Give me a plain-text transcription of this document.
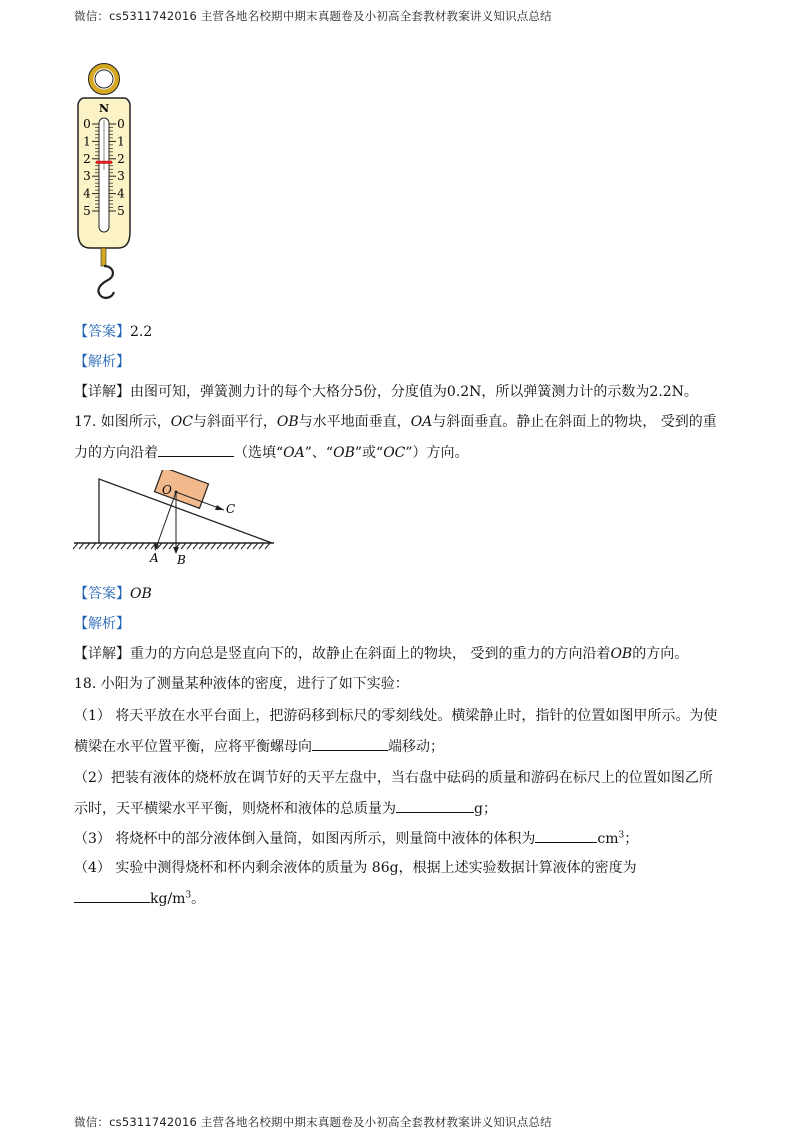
微信：cs5311742016 主营各地名校期中期末真题卷及小初高全套教材教案讲义知识点总结
N
0
1
2
3
4
5
0
1
2
3
4
5
【答案】2.2
【解析】
【详解】由图可知，弹簧测力计的每个大格分5份，分度值为0.2N，所以弹簧测力计的示数为2.2N。
17. 如图所示，OC与斜面平行，OB与水平地面垂直，OA与斜面垂直。静止在斜面上的物块， 受到的重
力的方向沿着	（选填“OA”、“OB”或“OC”）方向。
O
C
A B
【答案】OB
【解析】
【详解】重力的方向总是竖直向下的，故静止在斜面上的物块， 受到的重力的方向沿着OB的方向。
18. 小阳为了测量某种液体的密度，进行了如下实验：
（1） 将天平放在水平台面上，把游码移到标尺的零刻线处。横梁静止时，指针的位置如图甲所示。为使
横梁在水平位置平衡，应将平衡螺母向	端移动；
（2）把装有液体的烧杯放在调节好的天平左盘中，当右盘中砝码的质量和游码在标尺上的位置如图乙所
示时，天平横梁水平平衡，则烧杯和液体的总质量为	g；
（3） 将烧杯中的部分液体倒入量筒，如图丙所示，则量筒中液体的体积为	$cm^3$；
（4） 实验中测得烧杯和杯内剩余液体的质量为 86g，根据上述实验数据计算液体的密度为
$kg/m^3$。
微信：cs5311742016 主营各地名校期中期末真题卷及小初高全套教材教案讲义知识点总结
